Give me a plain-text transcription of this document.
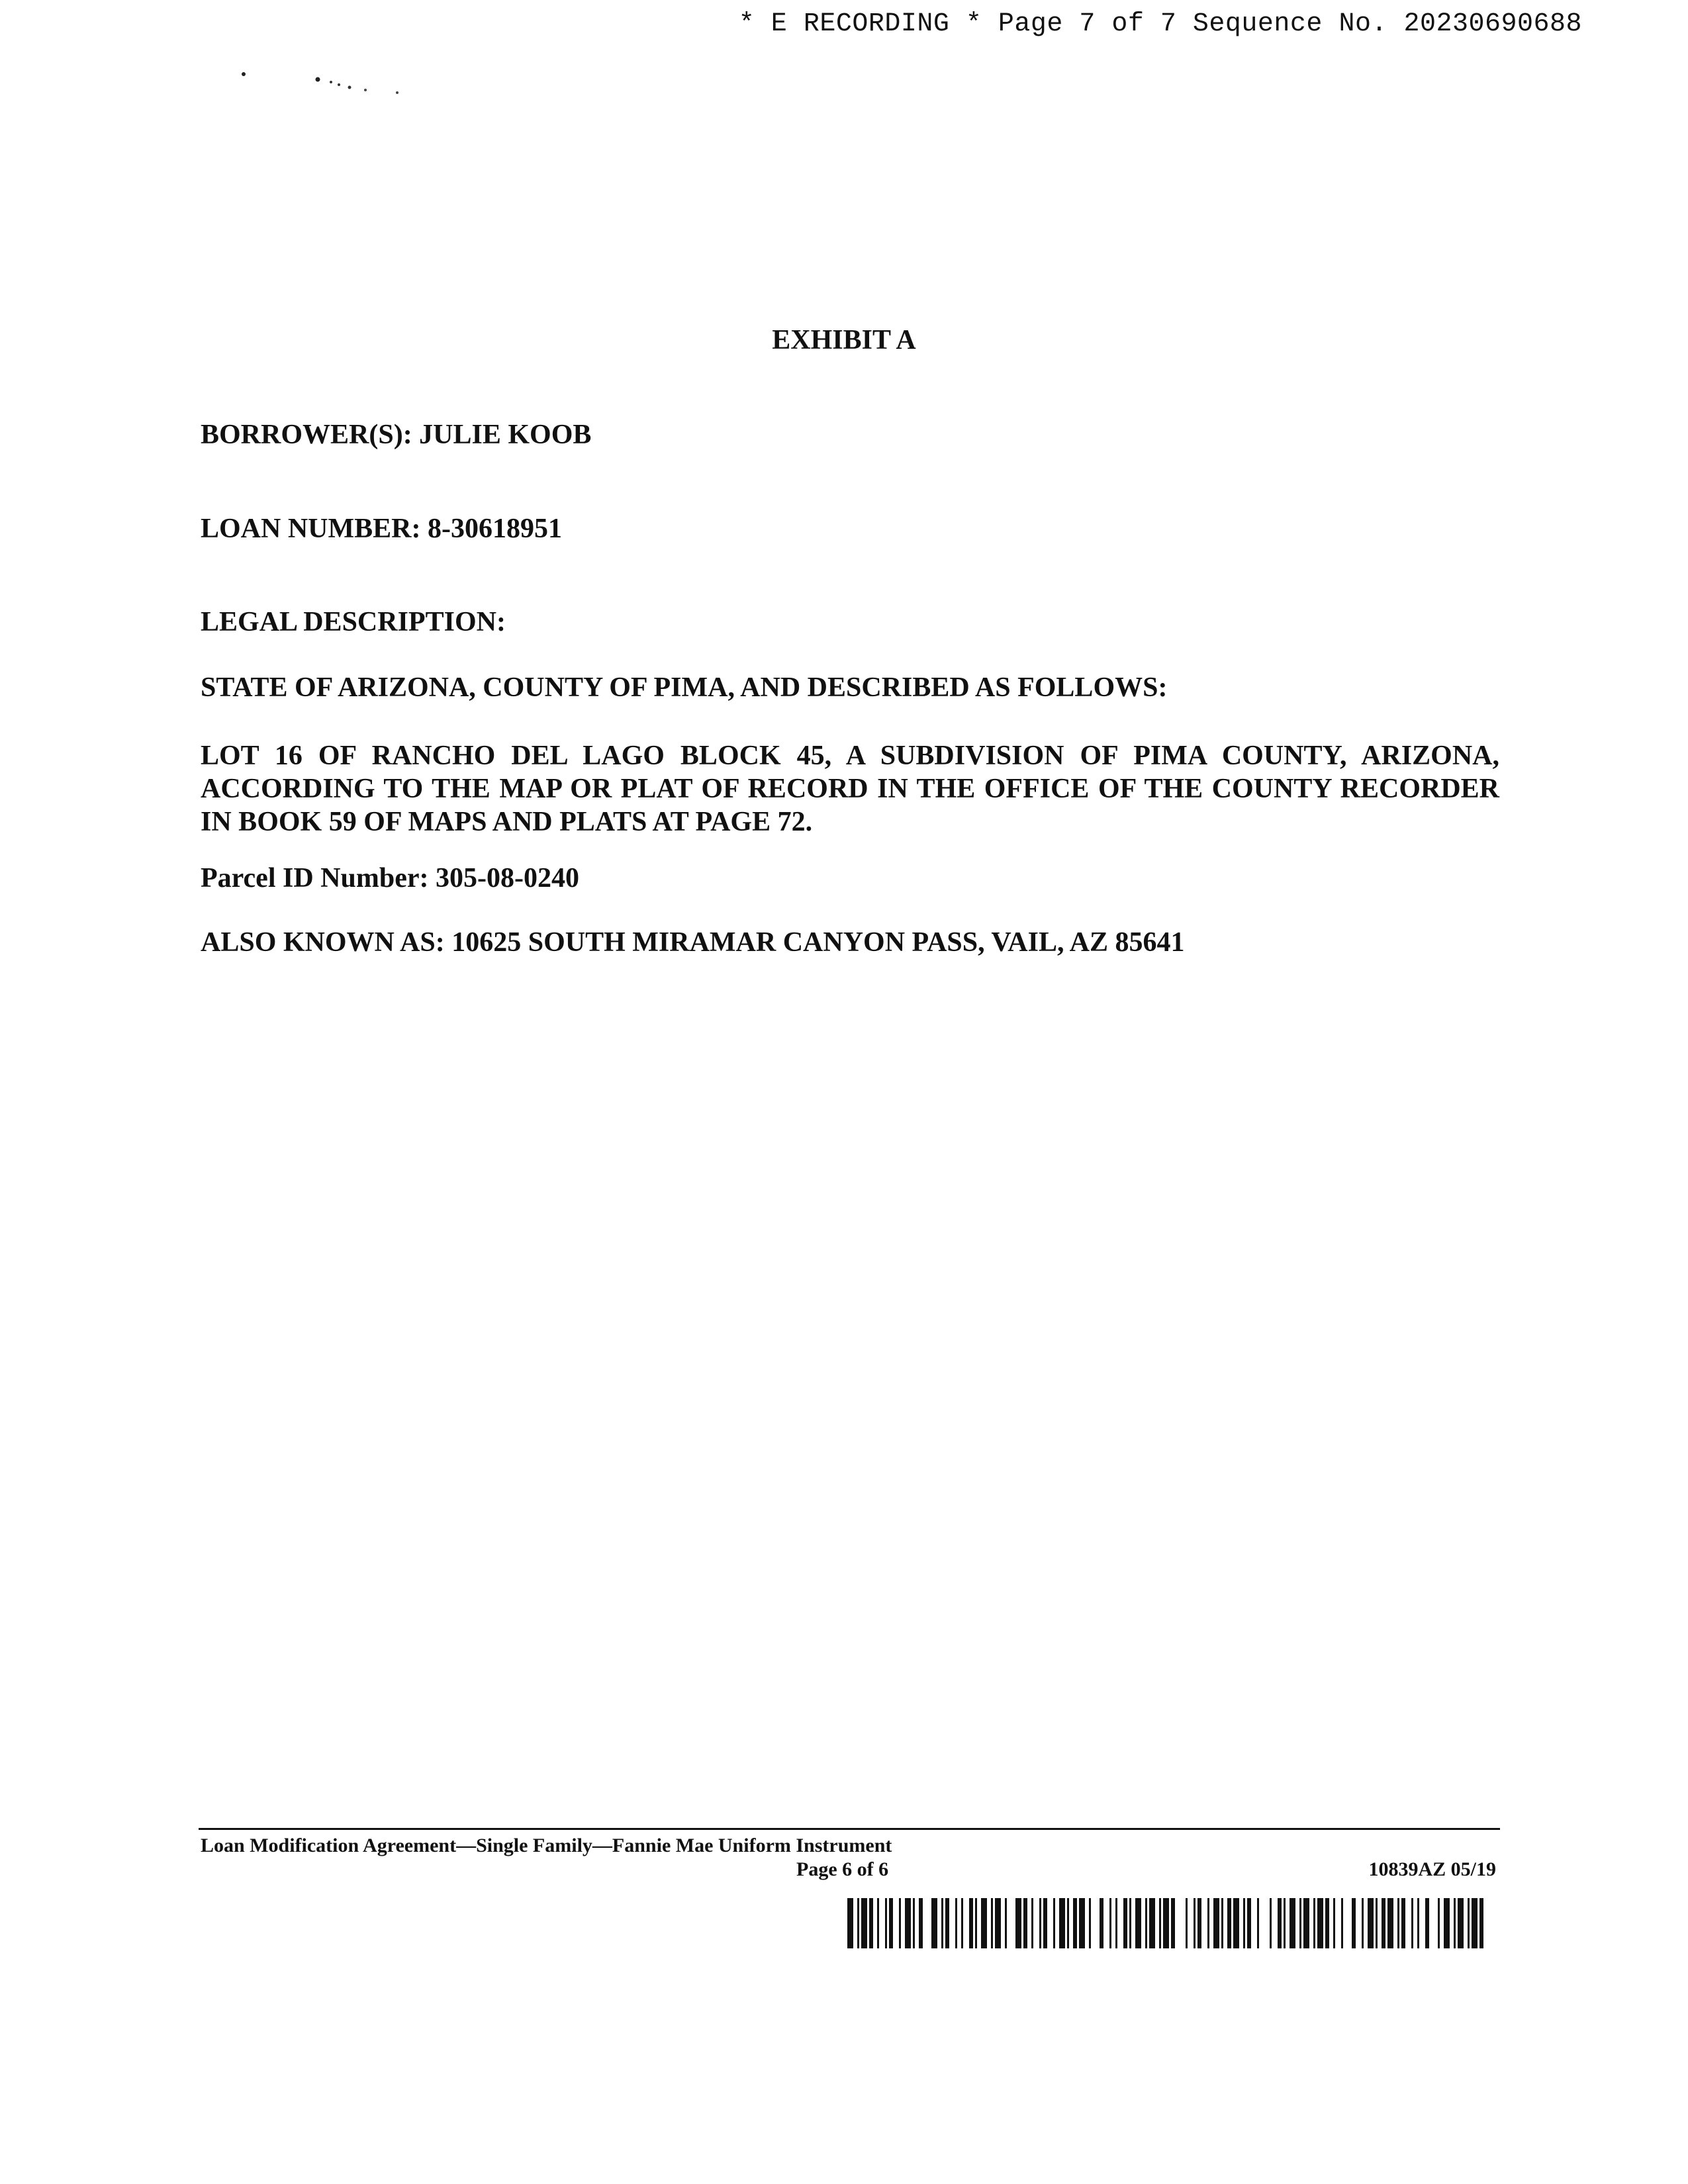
* E RECORDING * Page 7 of 7 Sequence No. 20230690688
EXHIBIT A
BORROWER(S): JULIE KOOB
LOAN NUMBER: 8-30618951
LEGAL DESCRIPTION:
STATE OF ARIZONA, COUNTY OF PIMA, AND DESCRIBED AS FOLLOWS:
LOT 16 OF RANCHO DEL LAGO BLOCK 45, A SUBDIVISION OF PIMA COUNTY, ARIZONA,
ACCORDING TO THE MAP OR PLAT OF RECORD IN THE OFFICE OF THE COUNTY RECORDER
IN BOOK 59 OF MAPS AND PLATS AT PAGE 72.
Parcel ID Number: 305-08-0240
ALSO KNOWN AS: 10625 SOUTH MIRAMAR CANYON PASS, VAIL, AZ 85641
Loan Modification Agreement—Single Family—Fannie Mae Uniform Instrument
Page 6 of 6	10839AZ 05/19
